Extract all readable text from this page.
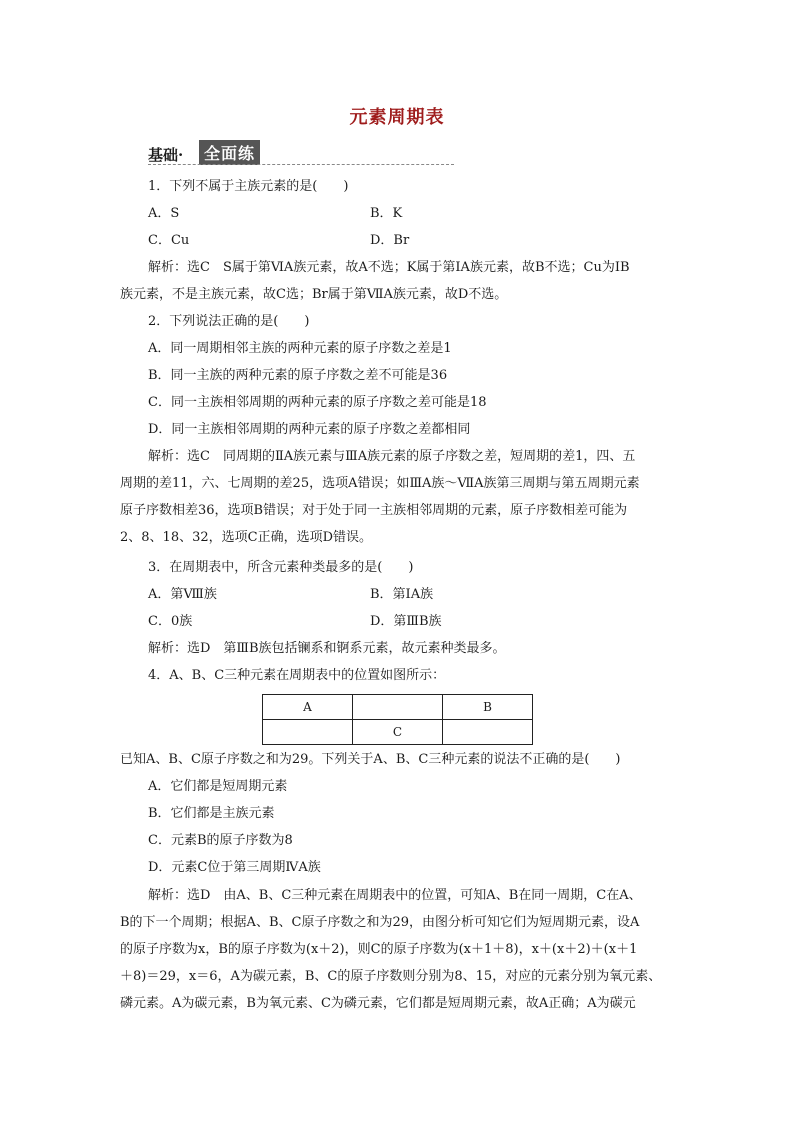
元素周期表
基础·	全面练
1．下列不属于主族元素的是(　　)
A．S	B．K
C．Cu	D．Br
解析：选C　S属于第ⅥA族元素，故A不选；K属于第ⅠA族元素，故B不选；Cu为ⅠB
族元素，不是主族元素，故C选；Br属于第ⅦA族元素，故D不选。
2．下列说法正确的是(　　)
A．同一周期相邻主族的两种元素的原子序数之差是1
B．同一主族的两种元素的原子序数之差不可能是36
C．同一主族相邻周期的两种元素的原子序数之差可能是18
D．同一主族相邻周期的两种元素的原子序数之差都相同
解析：选C　同周期的ⅡA族元素与ⅢA族元素的原子序数之差，短周期的差1，四、五
周期的差11，六、七周期的差25，选项A错误；如ⅢA族～ⅦA族第三周期与第五周期元素
原子序数相差36，选项B错误；对于处于同一主族相邻周期的元素，原子序数相差可能为
2、8、18、32，选项C正确，选项D错误。
3．在周期表中，所含元素种类最多的是(　　)
A．第Ⅷ族	B．第ⅠA族
C．0族	D．第ⅢB族
解析：选D　第ⅢB族包括镧系和锕系元素，故元素种类最多。
4．A、B、C三种元素在周期表中的位置如图所示：
A		B
	C	
已知A、B、C原子序数之和为29。下列关于A、B、C三种元素的说法不正确的是(　　)
A．它们都是短周期元素
B．它们都是主族元素
C．元素B的原子序数为8
D．元素C位于第三周期ⅣA族
解析：选D　由A、B、C三种元素在周期表中的位置，可知A、B在同一周期，C在A、
B的下一个周期；根据A、B、C原子序数之和为29，由图分析可知它们为短周期元素，设A
的原子序数为x，B的原子序数为(x＋2)，则C的原子序数为(x＋1＋8)，x＋(x＋2)＋(x＋1
＋8)＝29，x＝6，A为碳元素，B、C的原子序数则分别为8、15，对应的元素分别为氧元素、
磷元素。A为碳元素，B为氧元素、C为磷元素，它们都是短周期元素，故A正确；A为碳元
